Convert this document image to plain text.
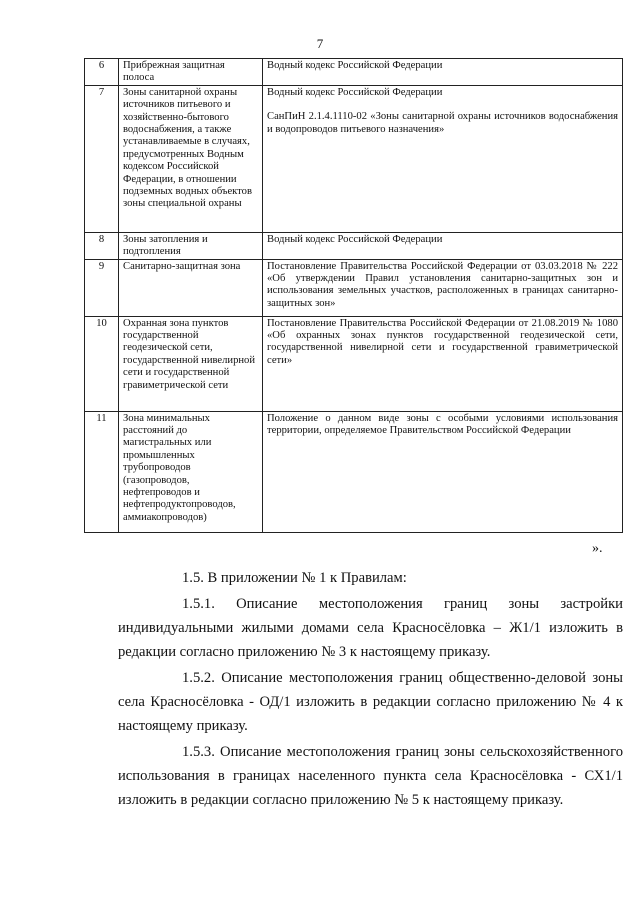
7
6	Прибрежная защитная полоса	Водный кодекс Российской Федерации

7	Зоны санитарной охраны источников питьевого и хозяйственно-бытового водоснабжения, а также устанавливаемые в случаях, предусмотренных Водным кодексом Российской Федерации, в отношении подземных водных объектов зоны специальной охраны	Водный кодекс Российской Федерации
СанПиН 2.1.4.1110-02 «Зоны санитарной охраны источников водоснабжения и водопроводов питьевого назначения»

8	Зоны затопления и подтопления	Водный кодекс Российской Федерации

9	Санитарно-защитная зона	Постановление Правительства Российской Федерации от 03.03.2018 № 222 «Об утверждении Правил установления санитарно-защитных зон и использования земельных участков, расположенных в границах санитарно-защитных зон»

10	Охранная зона пунктов государственной геодезической сети, государственной нивелирной сети и государственной гравиметрической сети	Постановление Правительства Российской Федерации от 21.08.2019 № 1080 «Об охранных зонах пунктов государственной геодезической сети, государственной нивелирной сети и государственной гравиметрической сети»

11	Зона минимальных расстояний до магистральных или промышленных трубопроводов (газопроводов, нефтепроводов и нефтепродуктопроводов, аммиакопроводов)	Положение о данном виде зоны с особыми условиями использования территории, определяемое Правительством Российской Федерации
».

1.5. В приложении № 1 к Правилам:

1.5.1. Описание местоположения границ зоны застройки индивидуальными жилыми домами села Красносёловка – Ж1/1 изложить в редакции согласно приложению № 3 к настоящему приказу.

1.5.2. Описание местоположения границ общественно-деловой зоны села Красносёловка - ОД/1 изложить в редакции согласно приложению № 4 к настоящему приказу.

1.5.3. Описание местоположения границ зоны сельскохозяйственного использования в границах населенного пункта села Красносёловка - СХ1/1 изложить в редакции согласно приложению № 5 к настоящему приказу.
